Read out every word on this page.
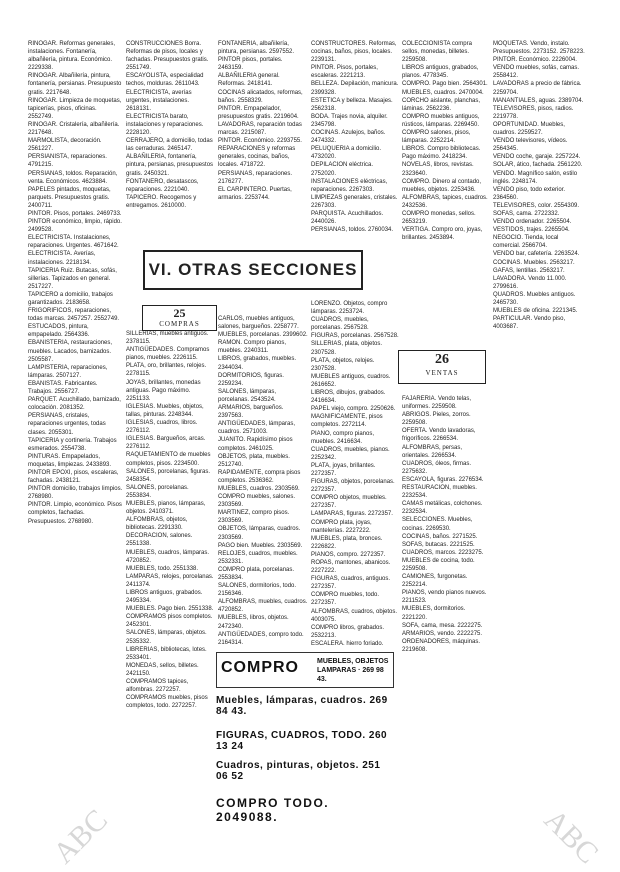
RINOGAR. Reformas generales, instalaciones. Fontanería, albañilería, pintura. Económico. 2229338.

RINOGAR. Albañilería, pintura, fontanería, persianas. Presupuesto gratis. 2217648.

RINOGAR. Limpieza de moquetas, tapicerías, pisos, oficinas. 2552749.

RINOGAR. Cristalería, albañilería. 2217648.

MARMOLISTA, decoración. 2561227.

PERSIANISTA, reparaciones. 4791215.

PERSIANAS, toldos. Reparación, venta. Económicos. 4623884.

PAPELES pintados, moquetas, parquets. Presupuestos gratis. 2400711.

PINTOR. Pisos, portales. 2469733.

PINTOR económico, limpio, rápido. 2499528.

ELECTRICISTA. Instalaciones, reparaciones. Urgentes. 4671642.

ELECTRICISTA. Averías, instalaciones. 2218134.

TAPICERIA Ruiz. Butacas, sofás, sillerías. Tapizados en general. 2517227.

TAPICERO a domicilio, trabajos garantizados. 2183658.

FRIGORIFICOS, reparaciones, todas marcas. 2457257. 2552749.

ESTUCADOS, pintura, empapelado. 2564336.

EBANISTERIA, restauraciones, muebles. Lacados, barnizados. 2505587.

LAMPISTERIA, reparaciones, lámparas. 2507127.

EBANISTAS. Fabricantes. Trabajos. 2556727.

PARQUET. Acuchillado, barnizado, colocación. 2081352.

PERSIANAS, cristales, reparaciones urgentes, todas clases. 2055301.

TAPICERIA y cortinería. Trabajos esmerados. 2554738.

PINTURAS. Empapelados, moquetas, limpiezas. 2433893.

PINTOR EPOXI, pisos, escaleras, fachadas. 2438121.

PINTOR domicilio, trabajos limpios. 2768980.

PINTOR. Limpio, económico. Pisos completos, fachadas. Presupuestos. 2768980.

CONSTRUCCIONES Borra. Reformas de pisos, locales y fachadas. Presupuestos gratis. 2551749.

ESCAYOLISTA, especialidad techos, molduras. 2611043.

ELECTRICISTA, averías urgentes, instalaciones. 2618131.

ELECTRICISTA barato, instalaciones y reparaciones. 2228120.

CERRAJERO, a domicilio, todas las cerraduras. 2465147.

ALBAÑILERIA, fontanería, pintura, persianas, presupuestos gratis. 2450321.

FONTANERO, desatascos, reparaciones. 2221040.

TAPICERO. Recogemos y entregamos. 2610000.

FONTANERIA, albañilería, pintura, persianas. 2597552.

PINTOR pisos, portales. 2463159.

ALBAÑILERIA general. Reformas. 2418141.

COCINAS alicatados, reformas, baños. 2558329.

PINTOR. Empapelador, presupuestos gratis. 2219604.

LAVADORAS, reparación todas marcas. 2215087.

PINTOR. Económico. 2293755.

REPARACIONES y reformas generales, cocinas, baños, locales. 4718722.

PERSIANAS, reparaciones. 2176277.

EL CARPINTERO. Puertas, armarios. 2253744.

CONSTRUCTORES. Reformas, cocinas, baños, pisos, locales. 2239131.

PINTOR. Pisos, portales, escaleras. 2221213.

BELLEZA. Depilación, manicura. 2399328.

ESTETICA y belleza. Masajes. 2562318.

BODA. Trajes novia, alquiler. 2345798.

COCINAS. Azulejos, baños. 2474332.

PELUQUERIA a domicilio. 4732020.

DEPILACION eléctrica. 2752020.

INSTALACIONES eléctricas, reparaciones. 2267303.

LIMPIEZAS generales, cristales. 2267303.

PARQUISTA. Acuchillados. 2440026.

PERSIANAS, toldos. 2760034.

COLECCIONISTA compra sellos, monedas, billetes. 2259508.

LIBROS antiguos, grabados, planos. 4778345.

COMPRO. Pago bien. 2564301.

MUEBLES, cuadros. 2470004.

CORCHO aislante, planchas, láminas. 2562236.

COMPRO muebles antiguos, rústicos, lámparas. 2269450.

COMPRO salones, pisos, lámparas. 2252214.

LIBROS. Compro bibliotecas. Pago máximo. 2418234.

NOVELAS, libros, revistas. 2323640.

COMPRO. Dinero al contado, muebles, objetos. 2253436.

ALFOMBRAS, tapices, cuadros. 2432536.

COMPRO monedas, sellos. 2653219.

VERTIGA. Compro oro, joyas, brillantes. 2453894.

MOQUETAS. Vendo, instalo. Presupuestos. 2273152. 2578223.

PINTOR. Económico. 2226004.

VENDO muebles, sofás, camas. 2558412.

LAVADORAS a precio de fábrica. 2259704.

MANANTIALES, aguas. 2389704.

TELEVISORES, pisos, radios. 2219778.

OPORTUNIDAD. Muebles, cuadros. 2259527.

VENDO televisores, vídeos. 2564345.

VENDO coche, garaje. 2257224.

SOLAR, ático, fachada. 2561220.

VENDO. Magnífico salón, estilo inglés. 2248174.

VENDO piso, todo exterior. 2364560.

TELEVISORES, color. 2554309.

SOFAS, cama. 2722332.

VENDO ordenador. 2265504.

VESTIDOS, trajes. 2265504.

NEGOCIO. Tienda, local comercial. 2566704.

VENDO bar, cafetería. 2263524.

COCINAS. Muebles. 2563217.

GAFAS, lentillas. 2563217.

LAVADORA. Vendo 11.000. 2799616.

QUADROS. Muebles antiguos. 2465730.

MUEBLES de oficina. 2221345.

PARTICULAR. Vendo piso, 4003687.

VI. OTRAS SECCIONES
25
COMPRAS

SILLERIAS, muebles antiguos. 2378115.

ANTIGÜEDADES. Compramos pianos, muebles. 2226115.

PLATA, oro, brillantes, relojes. 2278115.

JOYAS, brillantes, monedas antiguas. Pago máximo. 2251133.

IGLESIAS. Muebles, objetos, tallas, pinturas. 2248344.

IGLESIAS, cuadros, libros. 2276112.

IGLESIAS. Bargueños, arcas. 2276112.

RAQUETAMIENTO de muebles completos, pisos. 2234500.

SALONES, porcelanas, figuras. 2458354.

SALONES, porcelanas. 2553834.

MUEBLES, pianos, lámparas, objetos. 2410371.

ALFOMBRAS, objetos, bibliotecas. 2291330.

DECORACION, salones. 2551338.

MUEBLES, cuadros, lámparas. 4720852.

MUEBLES, todo. 2551338.

LAMPARAS, relojes, porcelanas. 2411374.

LIBROS antiguos, grabados. 2495334.

MUEBLES. Pago bien. 2551338.

COMPRAMOS pisos completos. 2452301.

SALONES, lámparas, objetos. 2535332.

LIBRERIAS, bibliotecas, lotes. 2533401.

MONEDAS, sellos, billetes. 2421150.

COMPRAMOS tapices, alfombras. 2272257.

COMPRAMOS muebles, pisos completos, todo. 2272257.

CARLOS, muebles antiguos, salones, bargueños. 2258777.

MUEBLES, porcelanas. 2399602.

RAMON. Compro pianos, muebles. 2240311.

LIBROS, grabados, muebles. 2344034.

DORMITORIOS, figuras. 2259234.

SALONES, lámparas, porcelanas. 2543524.

ARMARIOS, bargueños. 2397563.

ANTIGÜEDADES, lámparas, cuadros. 2571003.

JUANITO. Rapidísimo pisos completos. 2461025.

OBJETOS, plata, muebles. 2512740.

RAPIDAMENTE, compra pisos completos. 2536362.

MUEBLES, cuadros. 2303569.

COMPRO muebles, salones. 2303569.

MARTINEZ, compro pisos. 2303569.

OBJETOS, lámparas, cuadros. 2303569.

PAGO bien. Muebles. 2303569.

RELOJES, cuadros, muebles. 2532331.

COMPRO plata, porcelanas. 2553834.

SALONES, dormitorios, todo. 2156346.

ALFOMBRAS, muebles, cuadros. 4720852.

MUEBLES, libros, objetos. 2472340.

ANTIGÜEDADES, compro todo. 2164314.

LORENZO. Objetos, compro lámparas. 2253724.

CUADROS, muebles, porcelanas. 2567528.

FIGURAS, porcelanas. 2567528.

SILLERIAS, plata, objetos. 2307528.

PLATA, objetos, relojes. 2307528.

MUEBLES antiguos, cuadros. 2616652.

LIBROS, dibujos, grabados. 2416634.

PAPEL viejo, compro. 2250626.

MAGNIFICAMENTE, pisos completos. 2272114.

PIANO, compro pianos, muebles. 2416634.

CUADROS, muebles, pianos. 2252342.

PLATA, joyas, brillantes. 2272357.

FIGURAS, objetos, porcelanas. 2272357.

COMPRO objetos, muebles. 2272357.

LAMPARAS, figuras. 2272357.

COMPRO plata, joyas, mantelerías. 2227222.

MUEBLES, plata, bronces. 2226822.

PIANOS, compro. 2272357.

ROPAS, mantones, abanicos. 2227222.

FIGURAS, cuadros, antiguos. 2272357.

COMPRO muebles, todo. 2272357.

ALFOMBRAS, cuadros, objetos. 4003075.

COMPRO libros, grabados. 2532213.

ESCALERA, hierro forjado.

26
VENTAS

FAJARERIA. Vendo telas, uniformes. 2259508.

ABRIGOS. Pieles, zorros. 2259508.

OFERTA. Vendo lavadoras, frigoríficos. 2266534.

ALFOMBRAS, persas, orientales. 2266534.

CUADROS, óleos, firmas. 2275632.

ESCAYOLA, figuras. 2276534.

RESTAURACION, muebles. 2232534.

CAMAS metálicas, colchones. 2232534.

SELECCIONES. Muebles, cocinas. 2269530.

COCINAS, baños. 2271525.

SOFAS, butacas. 2221525.

CUADROS, marcos. 2223275.

MUEBLES de cocina, todo. 2259508.

CAMIONES, furgonetas. 2252214.

PIANOS, vendo pianos nuevos. 2211523.

MUEBLES, dormitorios. 2221220.

SOFA, cama, mesa. 2222275.

ARMARIOS, vendo. 2222275.

ORDENADORES, máquinas. 2219608.

COMPRO	MUEBLES, OBJETOS LAMPARAS · 269 98 43.
Muebles, lámparas, cuadros. 269 84 43.
FIGURAS, CUADROS, TODO. 260 13 24
Cuadros, pinturas, objetos. 251 06 52
COMPRO TODO. 2049088.
ABC	ABC
